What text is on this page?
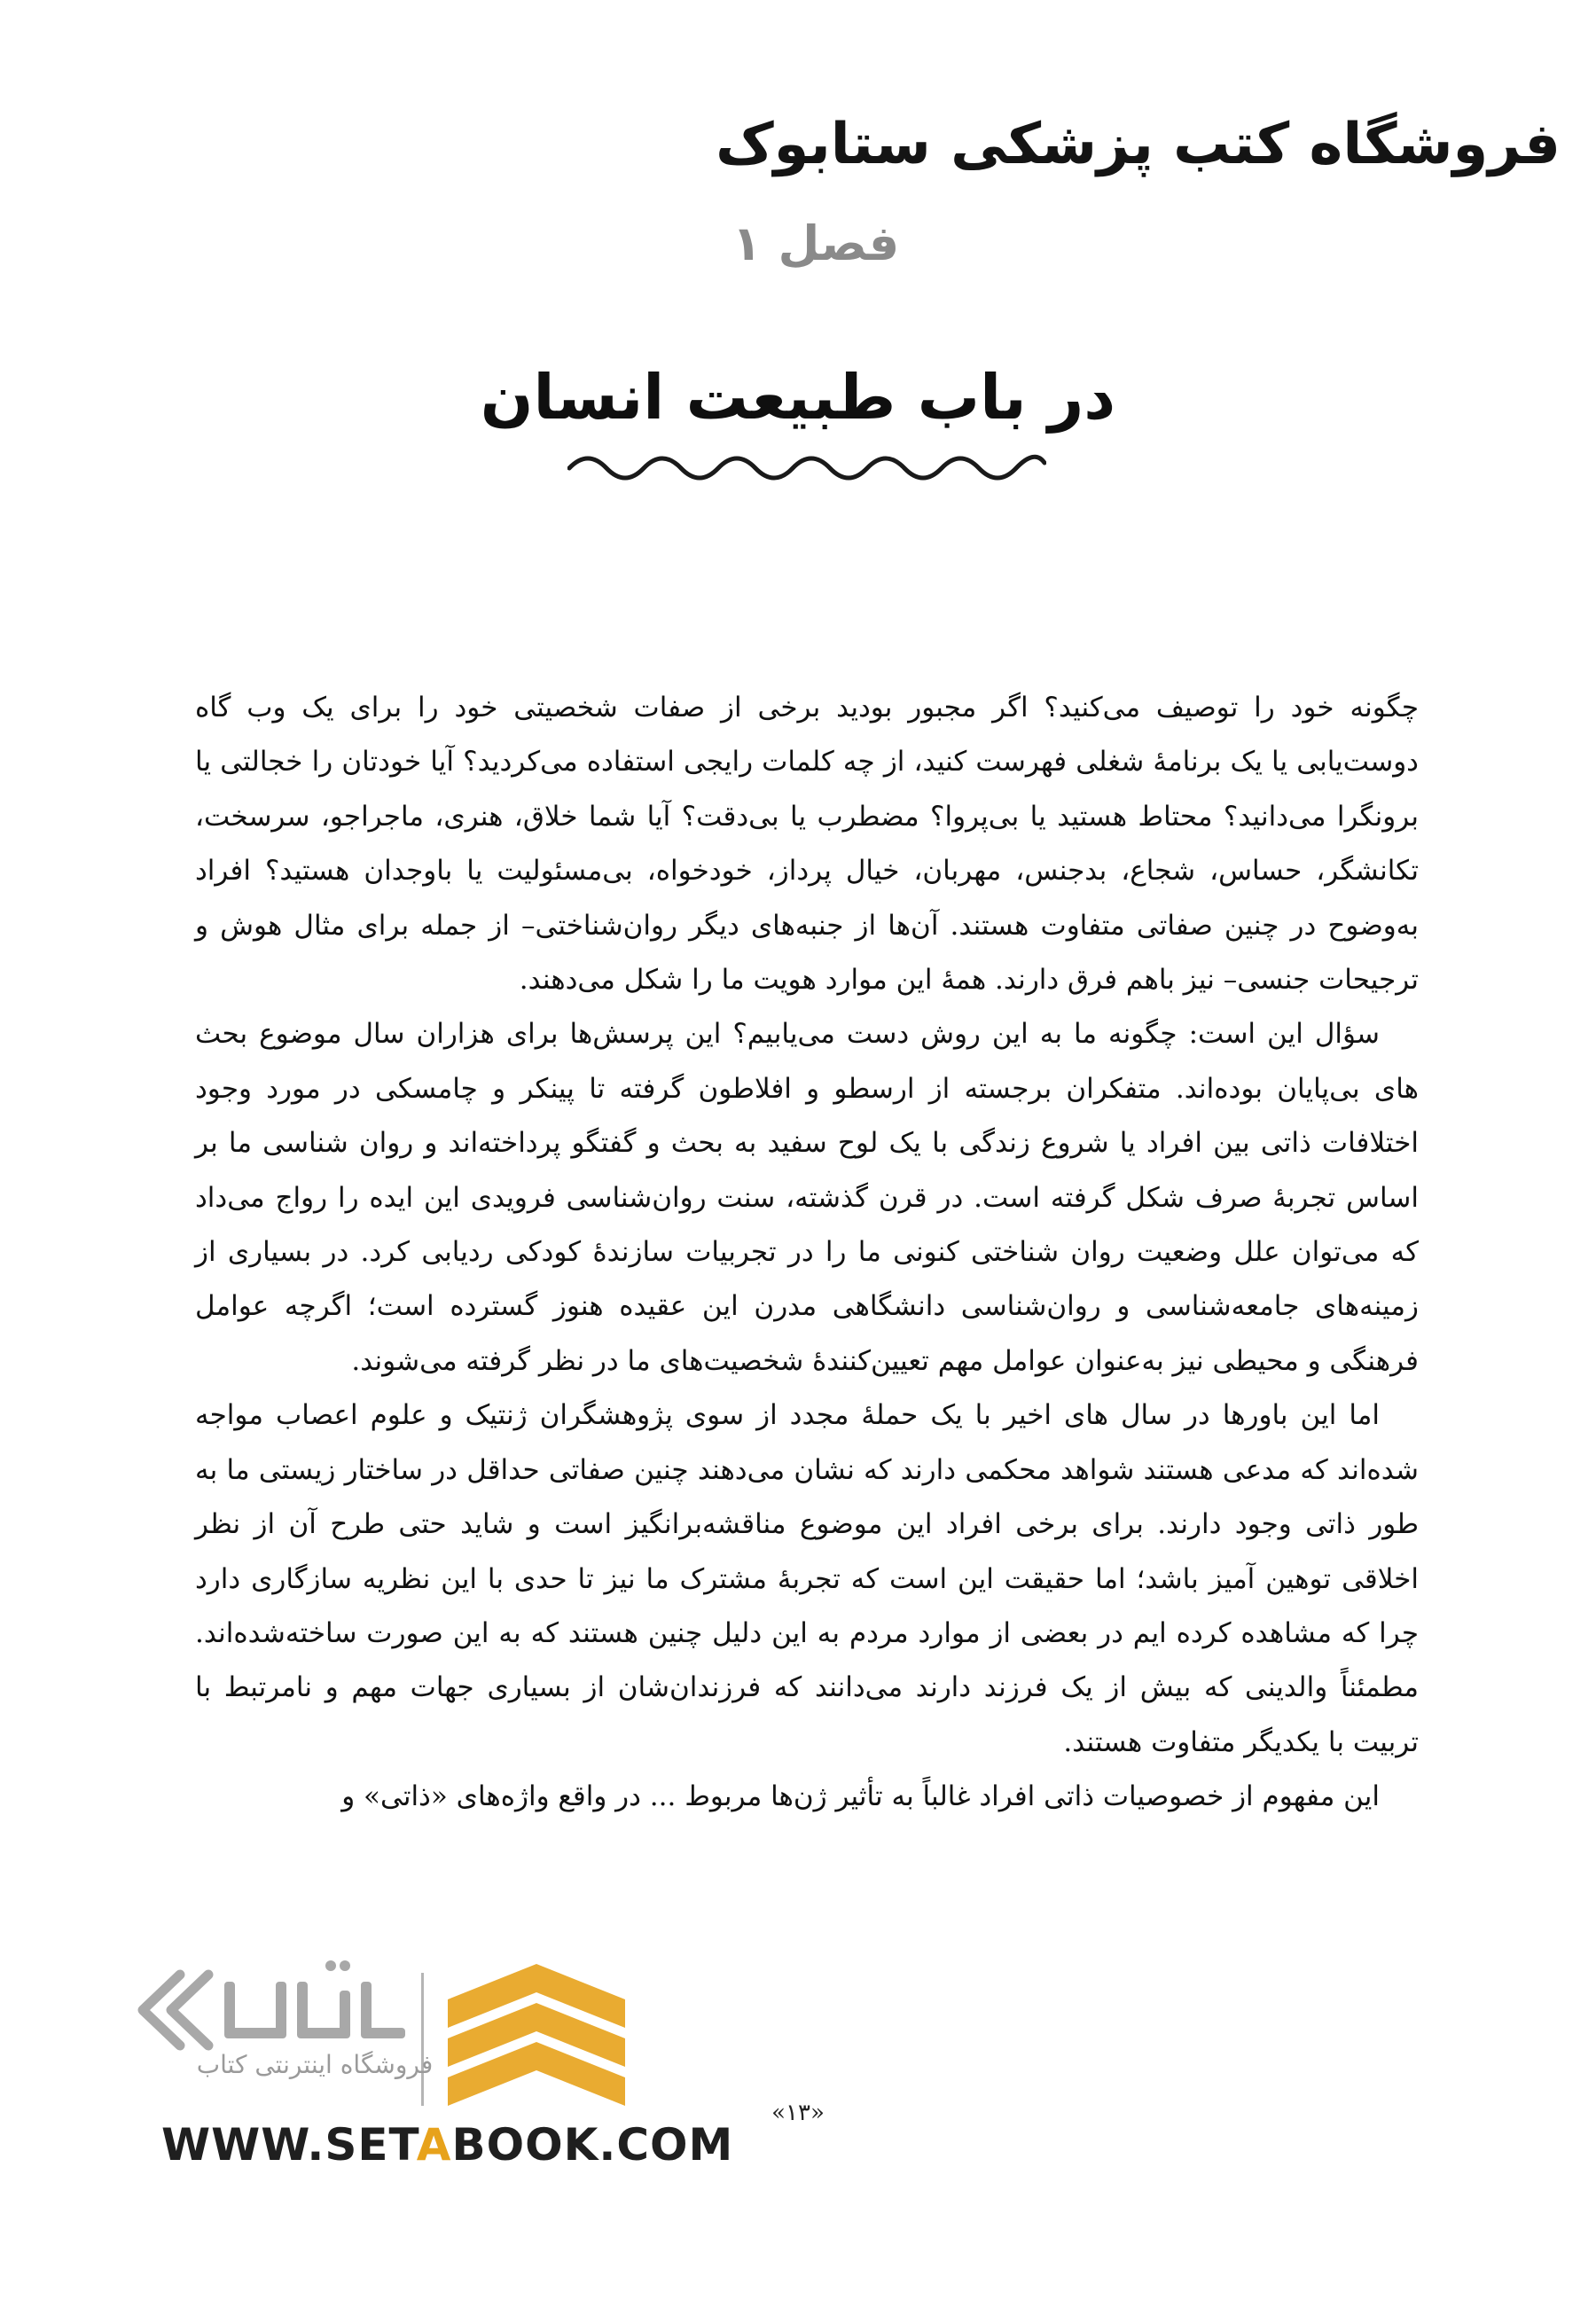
فروشگاه کتب پزشکی ستابوک
فصل ۱
در باب طبیعت انسان

چگونه خود را توصیف می‌کنید؟ اگر مجبور بودید برخی از صفات شخصیتی خود را برای یک وب گاه دوست‌یابی یا یک برنامۀ شغلی فهرست کنید، از چه کلمات رایجی استفاده می‌کردید؟ آیا خودتان را خجالتی یا برونگرا می‌دانید؟ محتاط هستید یا بی‌پروا؟ مضطرب یا بی‌دقت؟ آیا شما خلاق، هنری، ماجراجو، سرسخت، تکانشگر، حساس، شجاع، بدجنس، مهربان، خیال پرداز، خودخواه، بی‌مسئولیت یا باوجدان هستید؟ افراد به‌وضوح در چنین صفاتی متفاوت هستند. آن‌ها از جنبه‌های دیگر روان‌شناختی– از جمله برای مثال هوش و ترجیحات جنسی– نیز باهم فرق دارند. همۀ این موارد هویت ما را شکل می‌دهند.

سؤال این است: چگونه ما به این روش دست می‌یابیم؟ این پرسش‌ها برای هزاران سال موضوع بحث های بی‌پایان بوده‌اند. متفکران برجسته از ارسطو و افلاطون گرفته تا پینکر و چامسکی در مورد وجود اختلافات ذاتی بین افراد یا شروع زندگی با یک لوح سفید به بحث و گفتگو پرداخته‌اند و روان شناسی ما بر اساس تجربۀ صرف شکل گرفته است. در قرن گذشته، سنت روان‌شناسی فرویدی این ایده را رواج می‌داد که می‌توان علل وضعیت روان شناختی کنونی ما را در تجربیات سازندۀ کودکی ردیابی کرد. در بسیاری از زمینه‌های جامعه‌شناسی و روان‌شناسی دانشگاهی مدرن این عقیده هنوز گسترده است؛ اگرچه عوامل فرهنگی و محیطی نیز به‌عنوان عوامل مهم تعیین‌کنندۀ شخصیت‌های ما در نظر گرفته می‌شوند.

اما این باورها در سال های اخیر با یک حملۀ مجدد از سوی پژوهشگران ژنتیک و علوم اعصاب مواجه شده‌اند که مدعی هستند شواهد محکمی دارند که نشان می‌دهند چنین صفاتی حداقل در ساختار زیستی ما به طور ذاتی وجود دارند. برای برخی افراد این موضوع مناقشه‌برانگیز است و شاید حتی طرح آن از نظر اخلاقی توهین آمیز باشد؛ اما حقیقت این است که تجربۀ مشترک ما نیز تا حدی با این نظریه سازگاری دارد چرا که مشاهده کرده ایم در بعضی از موارد مردم به این دلیل چنین هستند که به این صورت ساخته‌شده‌اند. مطمئناً والدینی که بیش از یک فرزند دارند می‌دانند که فرزندان‌شان از بسیاری جهات مهم و نامرتبط با تربیت با یکدیگر متفاوت هستند.

این مفهوم از خصوصیات ذاتی افراد غالباً به تأثیر ژن‌ها مربوط ... در واقع واژه‌های «ذاتی» و

«۱۳»
فروشگاه اینترنتی کتاب
WWW.SETABOOK.COM
